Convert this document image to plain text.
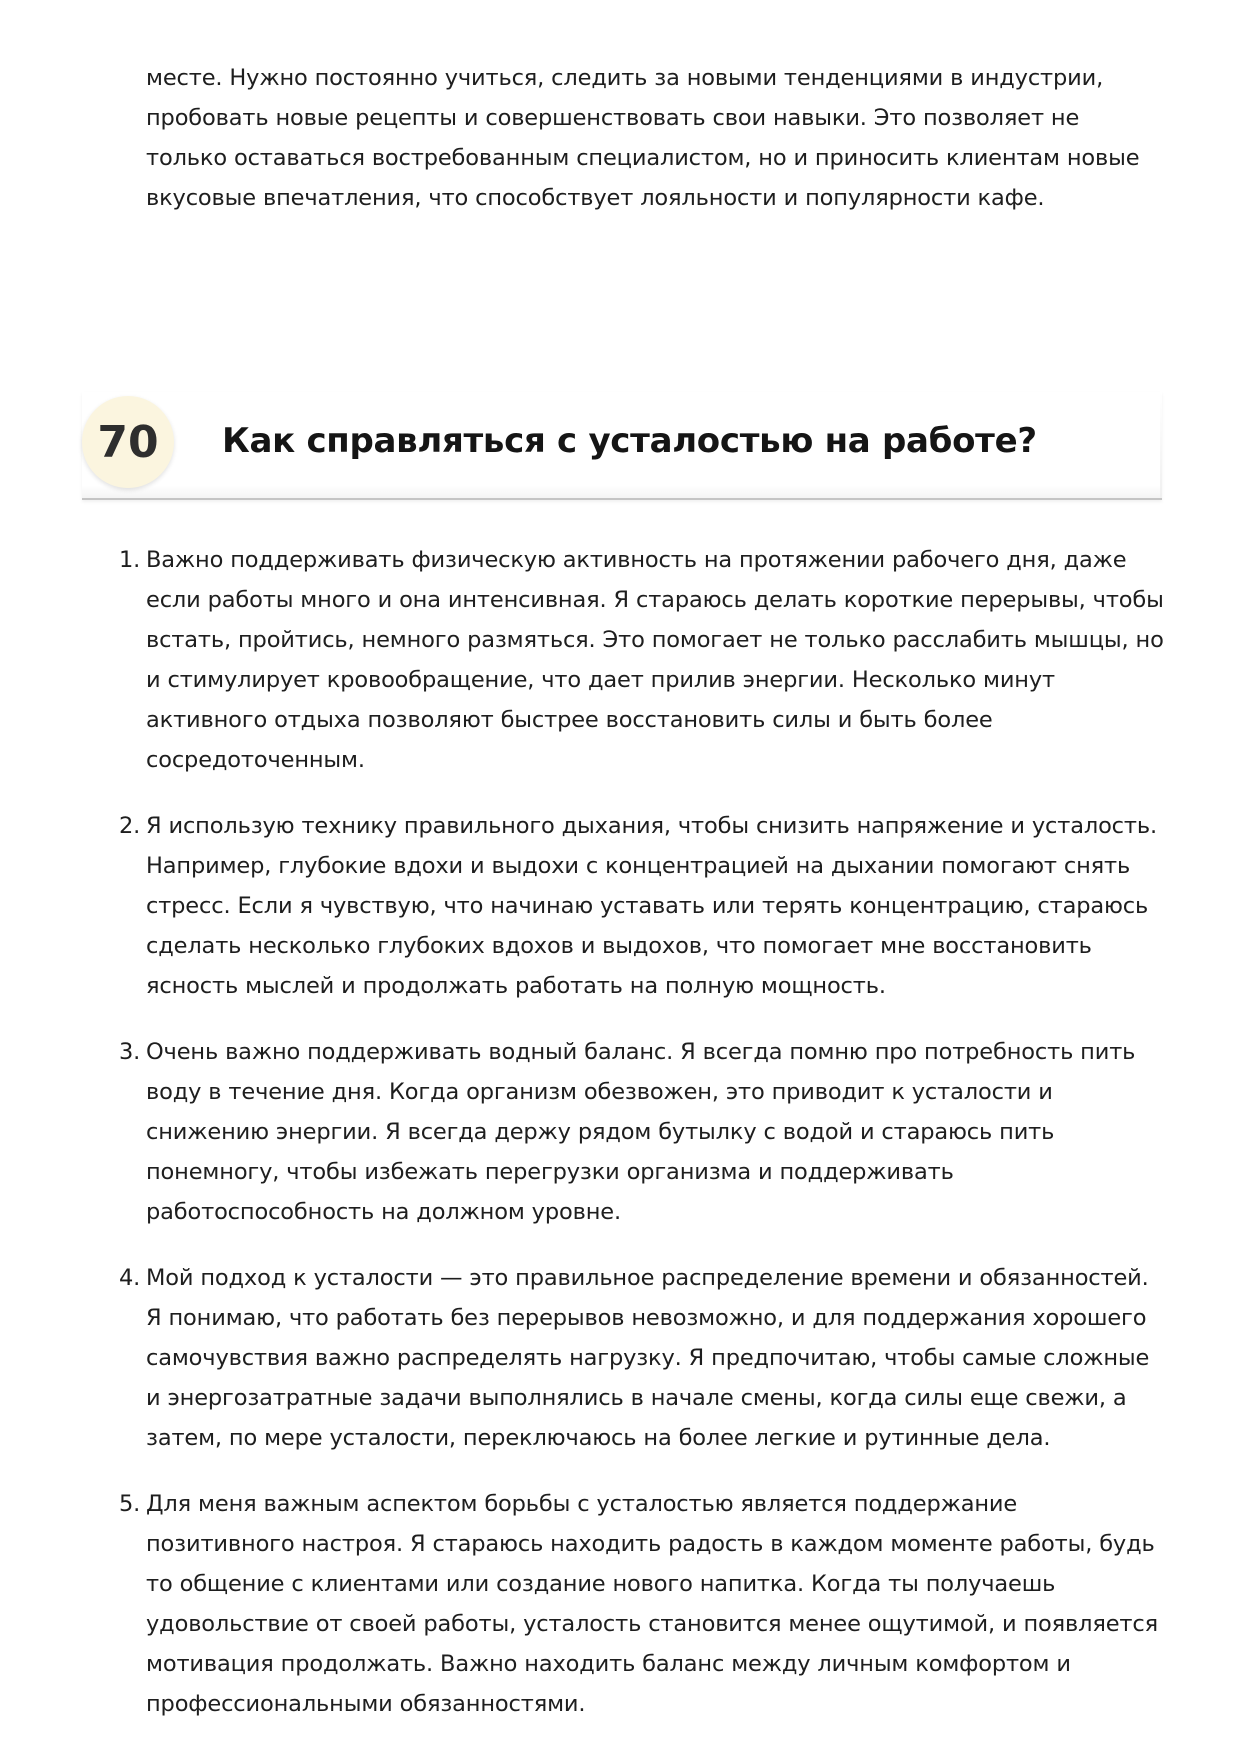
месте. Нужно постоянно учиться, следить за новыми тенденциями в индустрии, пробовать новые рецепты и совершенствовать свои навыки. Это позволяет не только оставаться востребованным специалистом, но и приносить клиентам новые вкусовые впечатления, что способствует лояльности и популярности кафе.

70	Как справляться с усталостью на работе?
1. Важно поддерживать физическую активность на протяжении рабочего дня, даже если работы много и она интенсивная. Я стараюсь делать короткие перерывы, чтобы встать, пройтись, немного размяться. Это помогает не только расслабить мышцы, но и стимулирует кровообращение, что дает прилив энергии. Несколько минут активного отдыха позволяют быстрее восстановить силы и быть более сосредоточенным.
2. Я использую технику правильного дыхания, чтобы снизить напряжение и усталость. Например, глубокие вдохи и выдохи с концентрацией на дыхании помогают снять стресс. Если я чувствую, что начинаю уставать или терять концентрацию, стараюсь сделать несколько глубоких вдохов и выдохов, что помогает мне восстановить ясность мыслей и продолжать работать на полную мощность.
3. Очень важно поддерживать водный баланс. Я всегда помню про потребность пить воду в течение дня. Когда организм обезвожен, это приводит к усталости и снижению энергии. Я всегда держу рядом бутылку с водой и стараюсь пить понемногу, чтобы избежать перегрузки организма и поддерживать работоспособность на должном уровне.
4. Мой подход к усталости — это правильное распределение времени и обязанностей. Я понимаю, что работать без перерывов невозможно, и для поддержания хорошего самочувствия важно распределять нагрузку. Я предпочитаю, чтобы самые сложные и энергозатратные задачи выполнялись в начале смены, когда силы еще свежи, а затем, по мере усталости, переключаюсь на более легкие и рутинные дела.
5. Для меня важным аспектом борьбы с усталостью является поддержание позитивного настроя. Я стараюсь находить радость в каждом моменте работы, будь то общение с клиентами или создание нового напитка. Когда ты получаешь удовольствие от своей работы, усталость становится менее ощутимой, и появляется мотивация продолжать. Важно находить баланс между личным комфортом и профессиональными обязанностями.
